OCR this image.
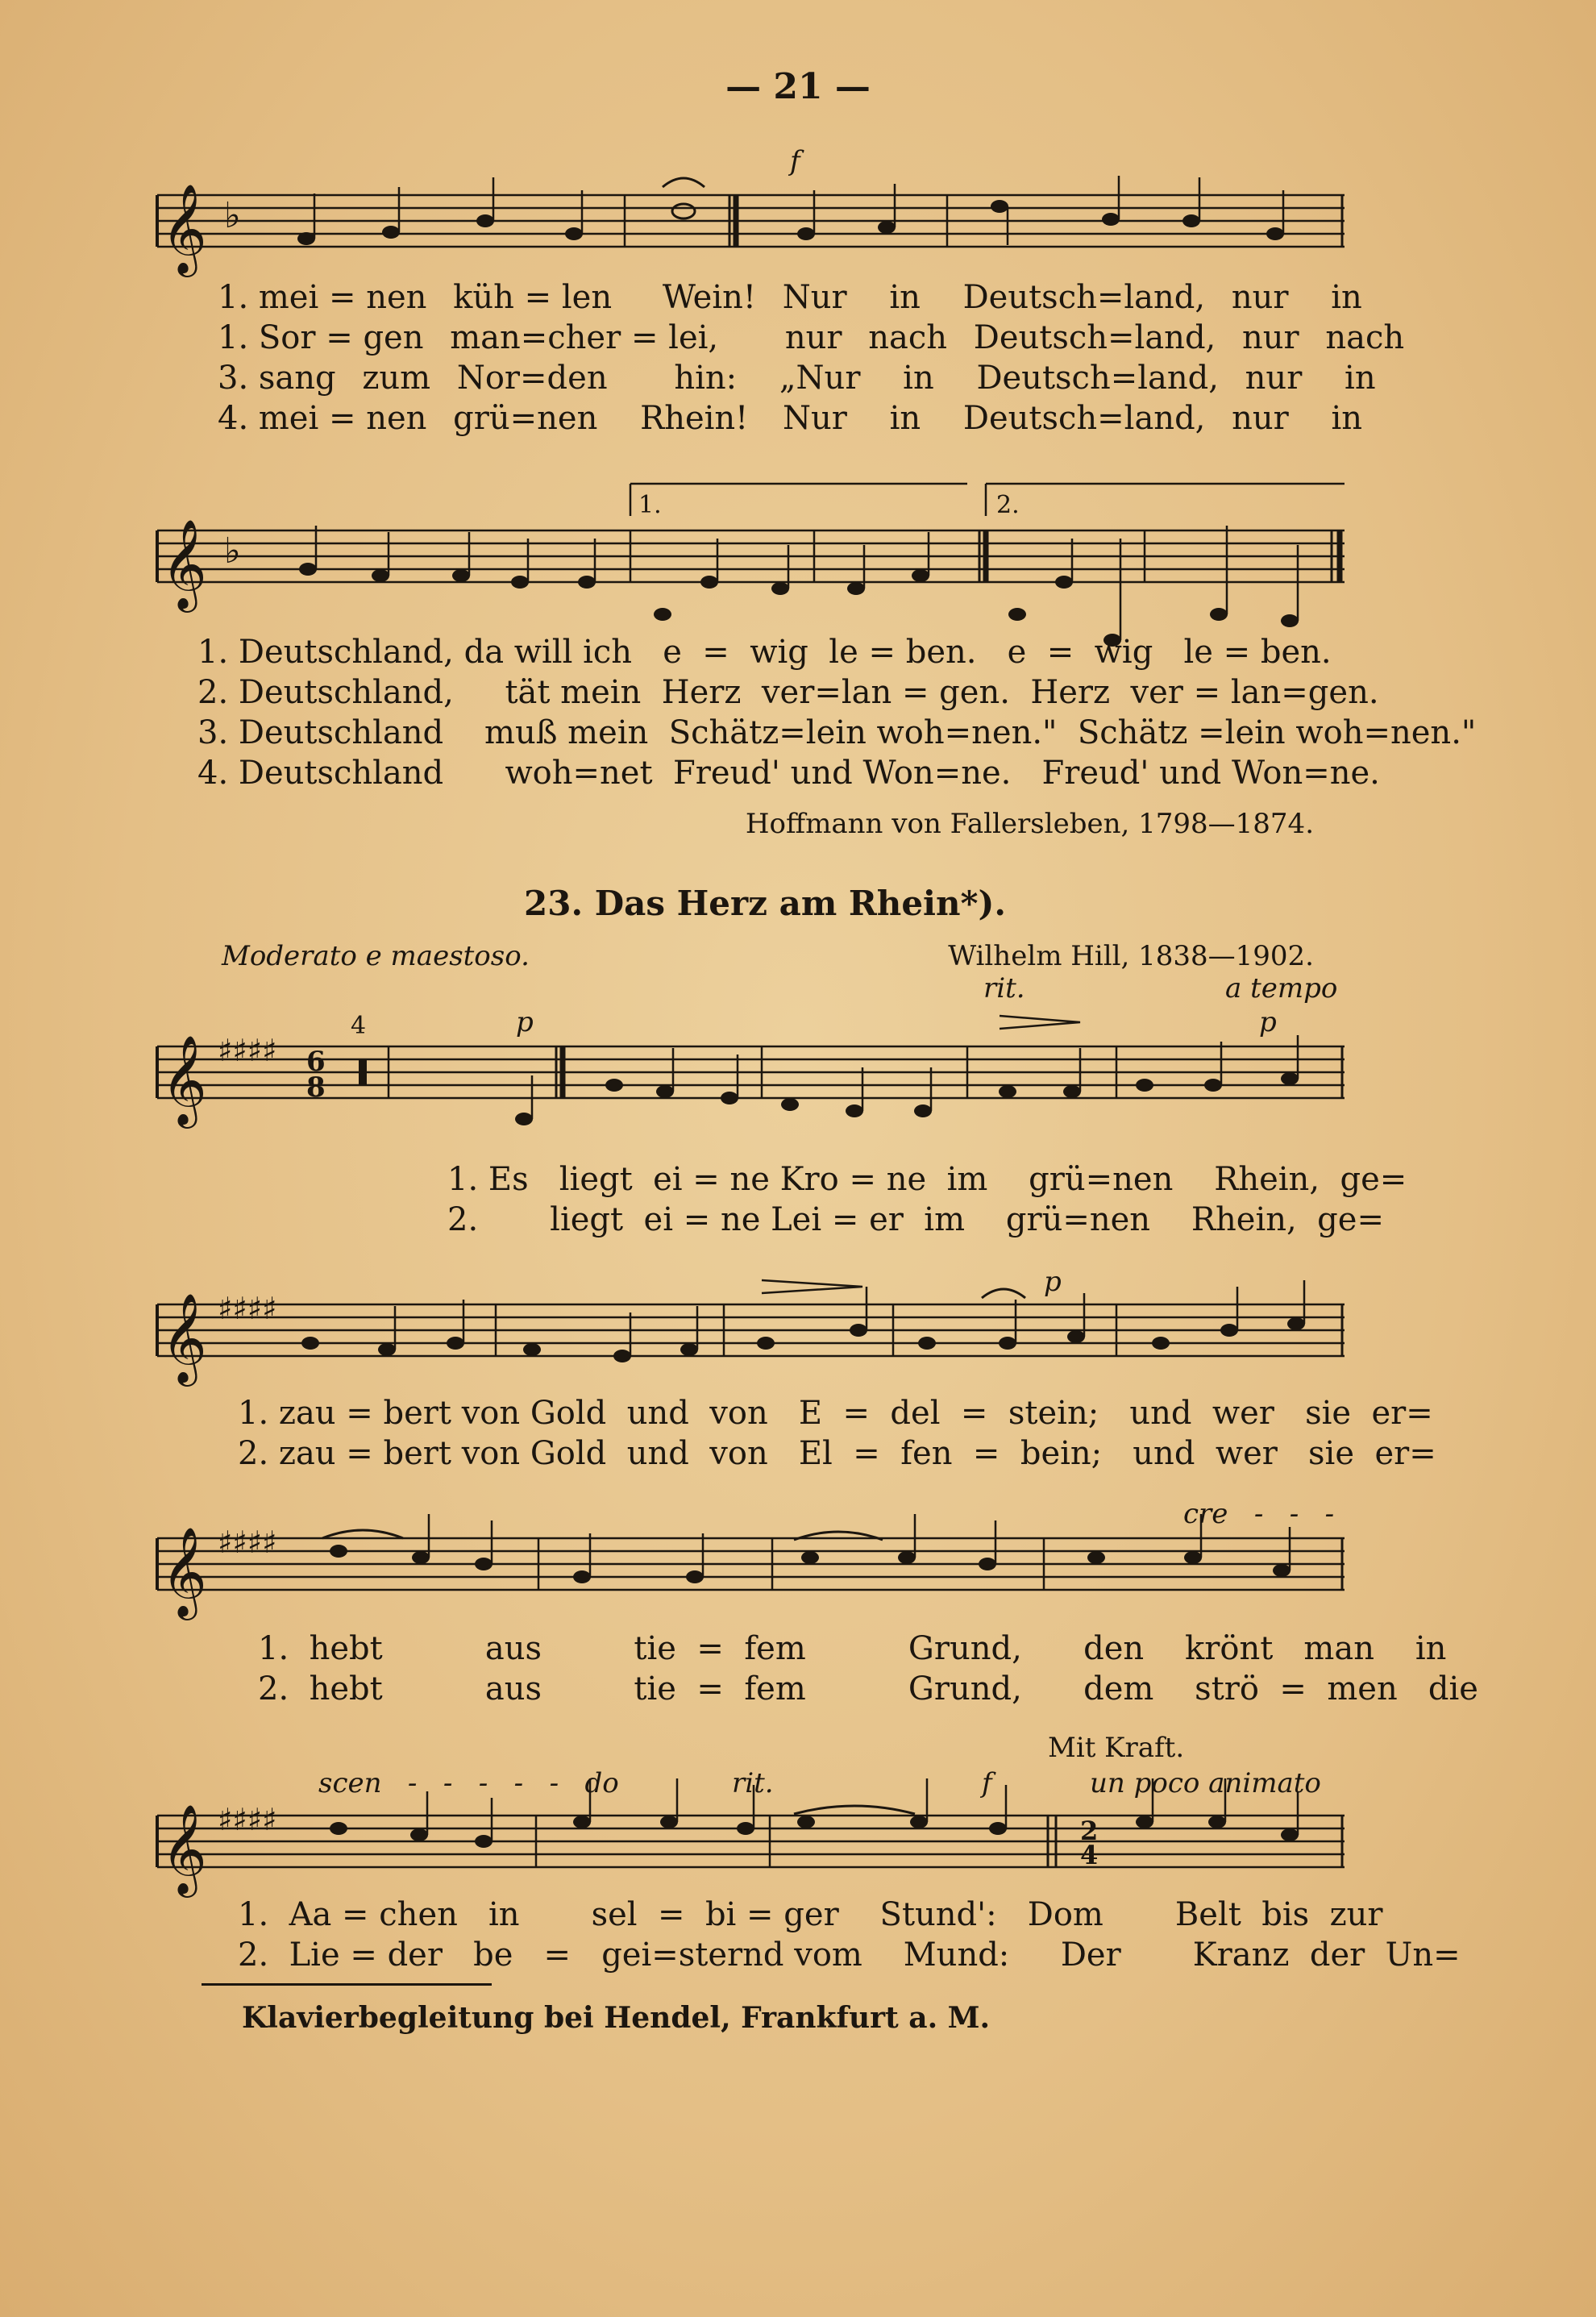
— 21 —
𝄞 ♭
𝄞 ♭
1.	2.
𝄞 ♯♯♯♯ 6
8
4
𝄞 ♯♯♯♯
𝄞 ♯♯♯♯
𝄞 ♯♯♯♯	2
4
f
1. mei = nen küh = len Wein! Nur in Deutsch=land, nur in
1. Sor = gen man=cher = lei, nur nach Deutsch=land, nur nach
3. sang zum Nor=den hin: „Nur in Deutsch=land, nur in
4. mei = nen grü=nen Rhein! Nur in Deutsch=land, nur in
1. Deutschland, da will ich   e  =  wig  le = ben.   e  =  wig   le = ben.
2. Deutschland,     tät mein  Herz  ver=lan = gen.  Herz  ver = lan=gen.
3. Deutschland    muß mein  Schätz=lein woh=nen."  Schätz =lein woh=nen."
4. Deutschland      woh=net  Freud' und Won=ne.   Freud' und Won=ne.
Hoffmann von Fallersleben, 1798—1874.
23. Das Herz am Rhein*).
Moderato e maestoso.	Wilhelm Hill, 1838—1902.
rit.	a tempo
p	p
1. Es   liegt  ei = ne Kro = ne  im    grü=nen    Rhein,  ge=
2.       liegt  ei = ne Lei = er  im    grü=nen    Rhein,  ge=
p
1. zau = bert von Gold  und  von   E  =  del  =  stein;   und  wer   sie  er=
2. zau = bert von Gold  und  von   El  =  fen  =  bein;   und  wer   sie  er=
cre   -   -   -
1.  hebt          aus         tie  =  fem          Grund,      den    krönt   man    in
2.  hebt          aus         tie  =  fem          Grund,      dem    strö  =  men   die
Mit Kraft.
scen   -   -   -   -   -   do	rit.	f	un poco animato
1.  Aa = chen   in       sel  =  bi = ger    Stund':   Dom       Belt  bis  zur
2.  Lie = der   be   =   gei=sternd vom    Mund:     Der       Kranz  der  Un=
Klavierbegleitung bei Hendel, Frankfurt a. M.
